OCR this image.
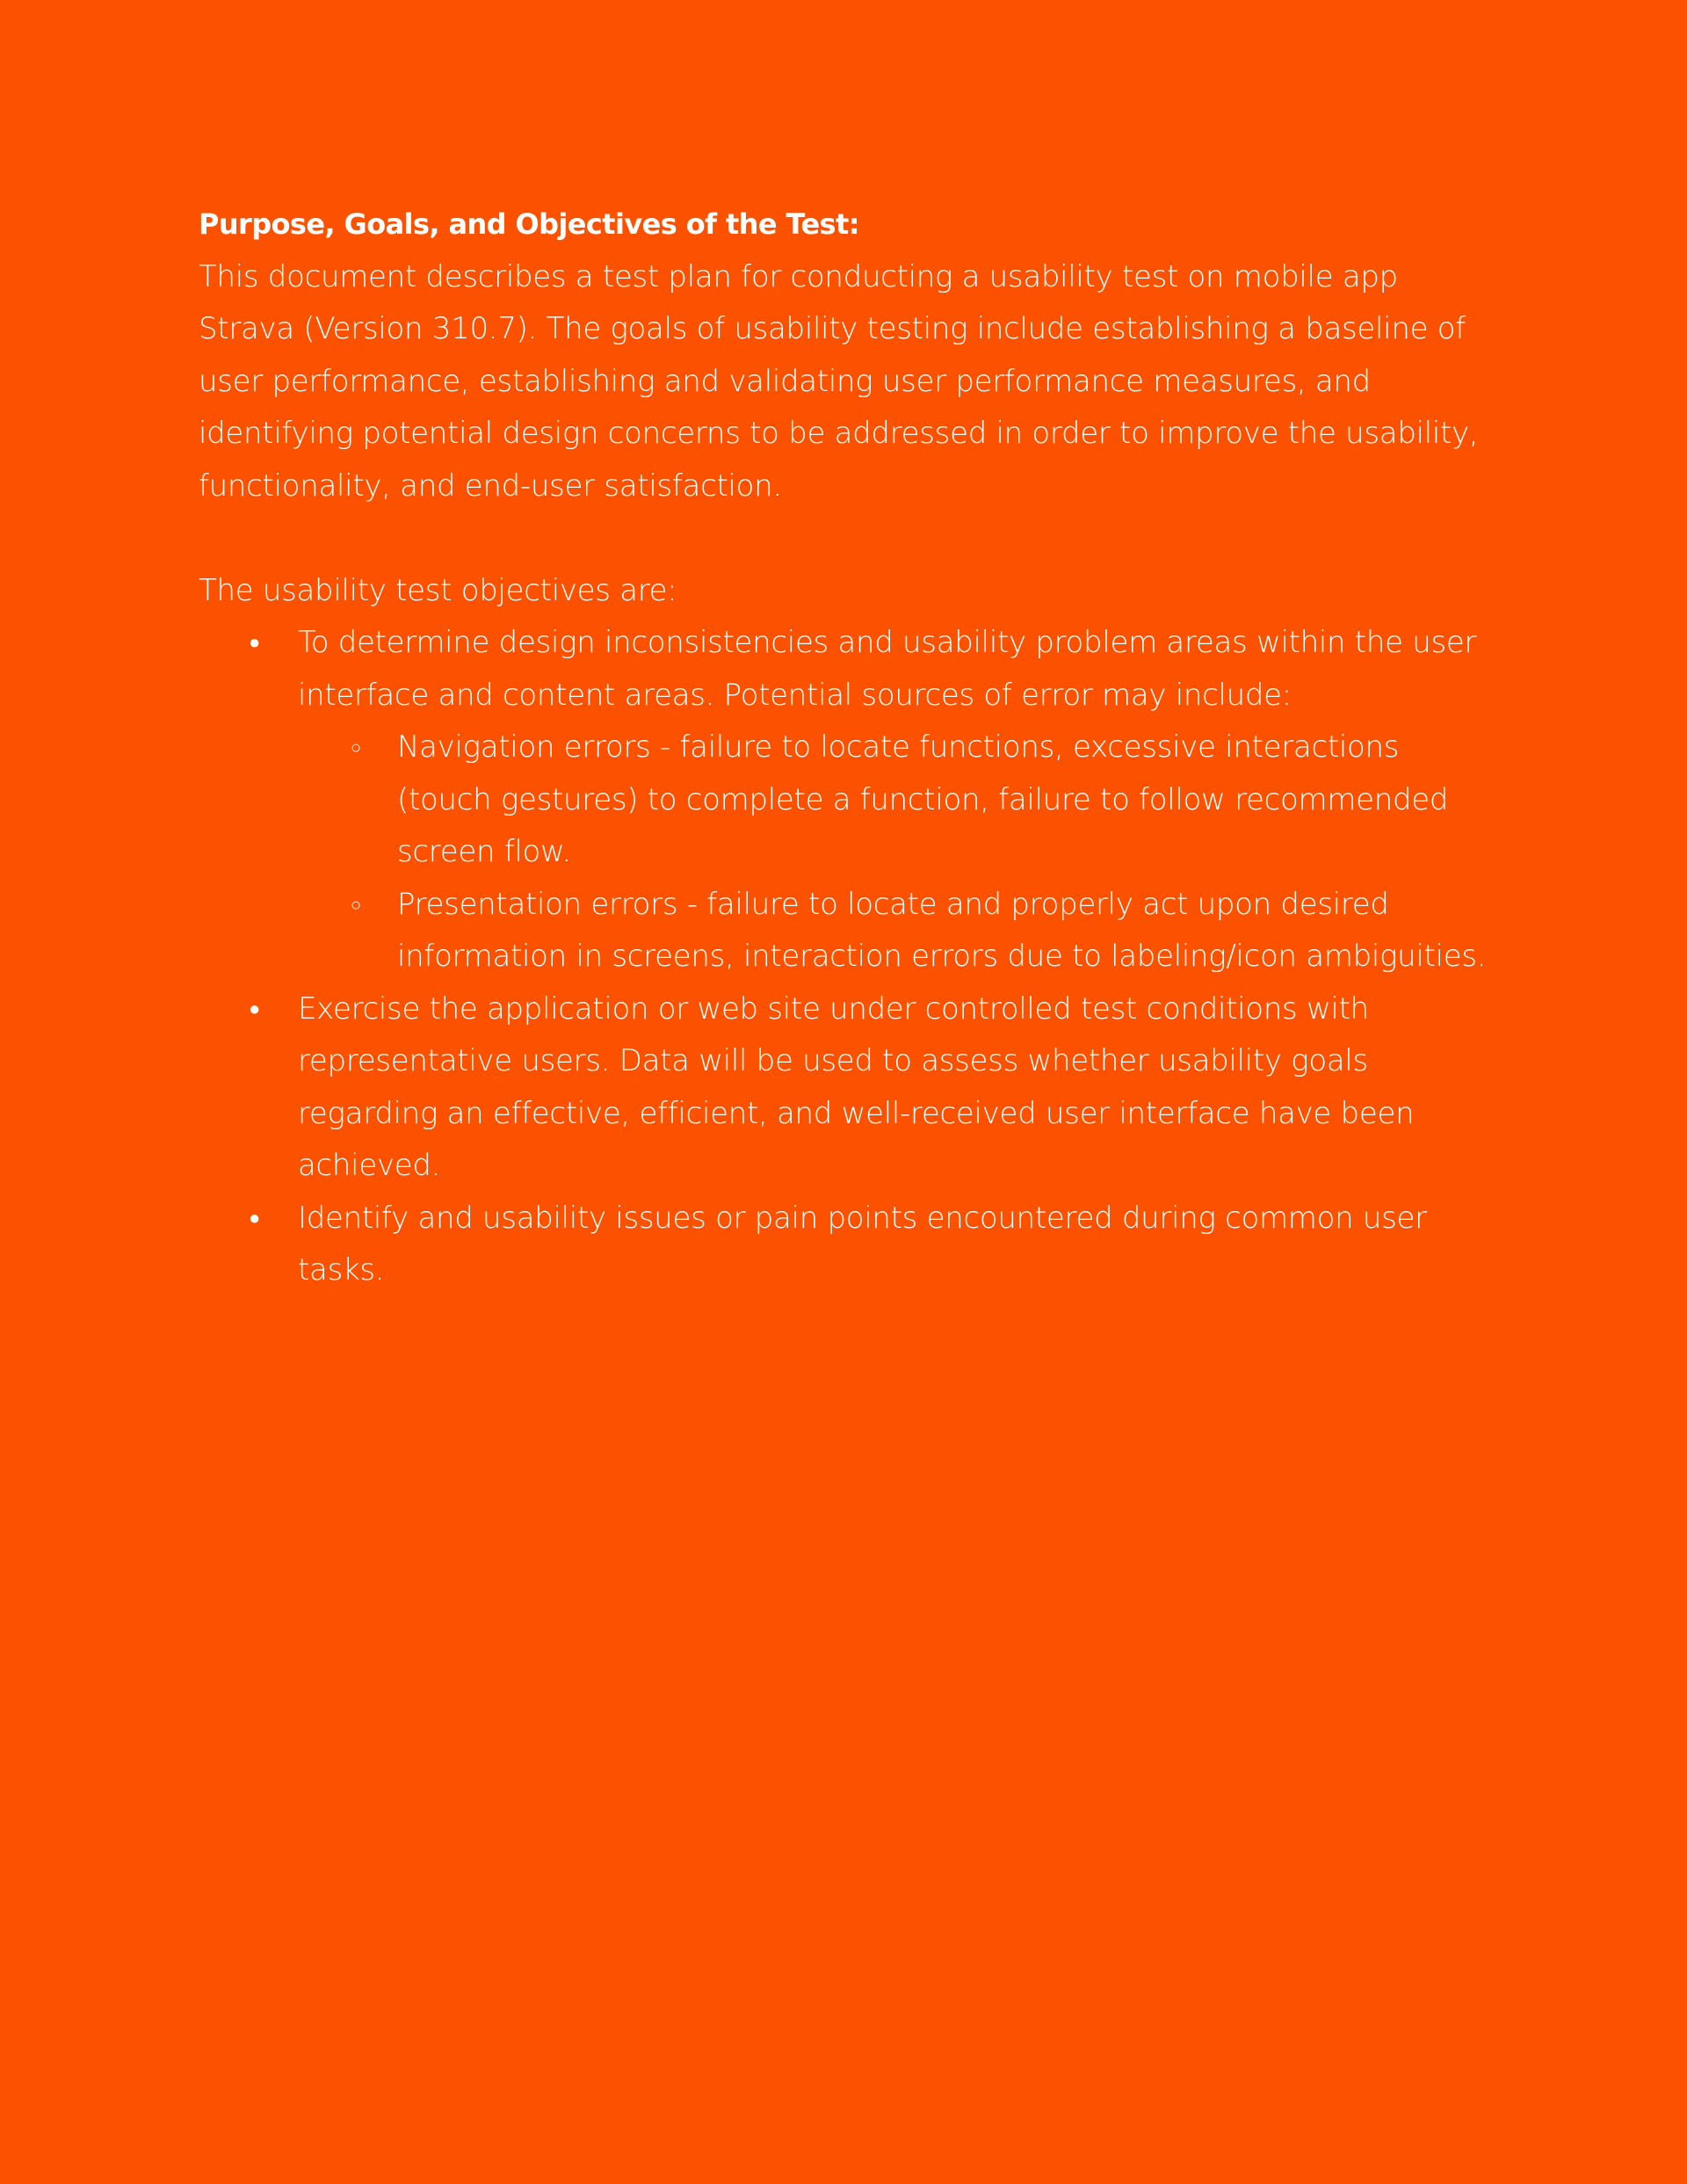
Purpose, Goals, and Objectives of the Test:

This document describes a test plan for conducting a usability test on mobile app Strava (Version 310.7). The goals of usability testing include establishing a baseline of user performance, establishing and validating user performance measures, and identifying potential design concerns to be addressed in order to improve the usability, functionality, and end-user satisfaction.

The usability test objectives are:

● To determine design inconsistencies and usability problem areas within the user interface and content areas. Potential sources of error may include:
○ Navigation errors - failure to locate functions, excessive interactions (touch gestures) to complete a function, failure to follow recommended screen flow.
○ Presentation errors - failure to locate and properly act upon desired information in screens, interaction errors due to labeling/icon ambiguities.
● Exercise the application or web site under controlled test conditions with representative users. Data will be used to assess whether usability goals regarding an effective, efficient, and well-received user interface have been achieved.
● Identify and usability issues or pain points encountered during common user tasks.
